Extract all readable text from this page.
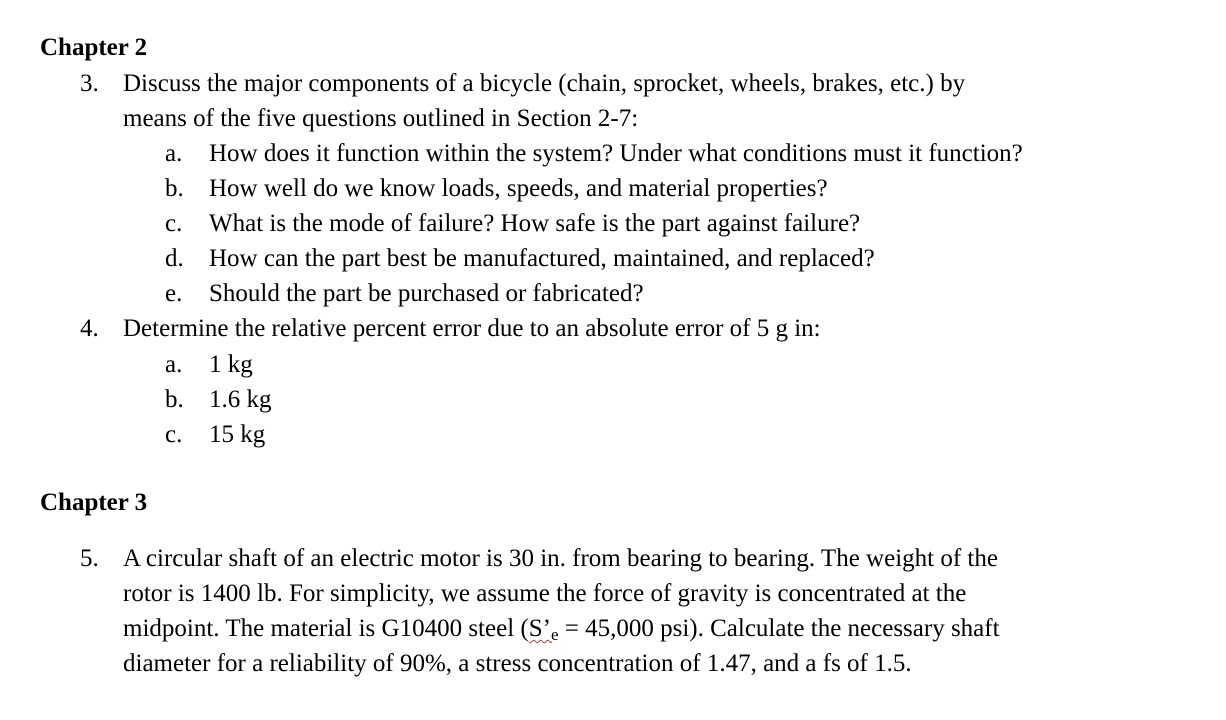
Chapter 2
3. Discuss the major components of a bicycle (chain, sprocket, wheels, brakes, etc.) by
means of the five questions outlined in Section 2-7:
a. How does it function within the system? Under what conditions must it function?
b. How well do we know loads, speeds, and material properties?
c. What is the mode of failure? How safe is the part against failure?
d. How can the part best be manufactured, maintained, and replaced?
e. Should the part be purchased or fabricated?
4. Determine the relative percent error due to an absolute error of 5 g in:
a. 1 kg
b. 1.6 kg
c. 15 kg
Chapter 3
5. A circular shaft of an electric motor is 30 in. from bearing to bearing. The weight of the
rotor is 1400 lb. For simplicity, we assume the force of gravity is concentrated at the
midpoint. The material is G10400 steel ($S’_e = 45,000$ psi). Calculate the necessary shaft
diameter for a reliability of 90%, a stress concentration of 1.47, and a fs of 1.5.
